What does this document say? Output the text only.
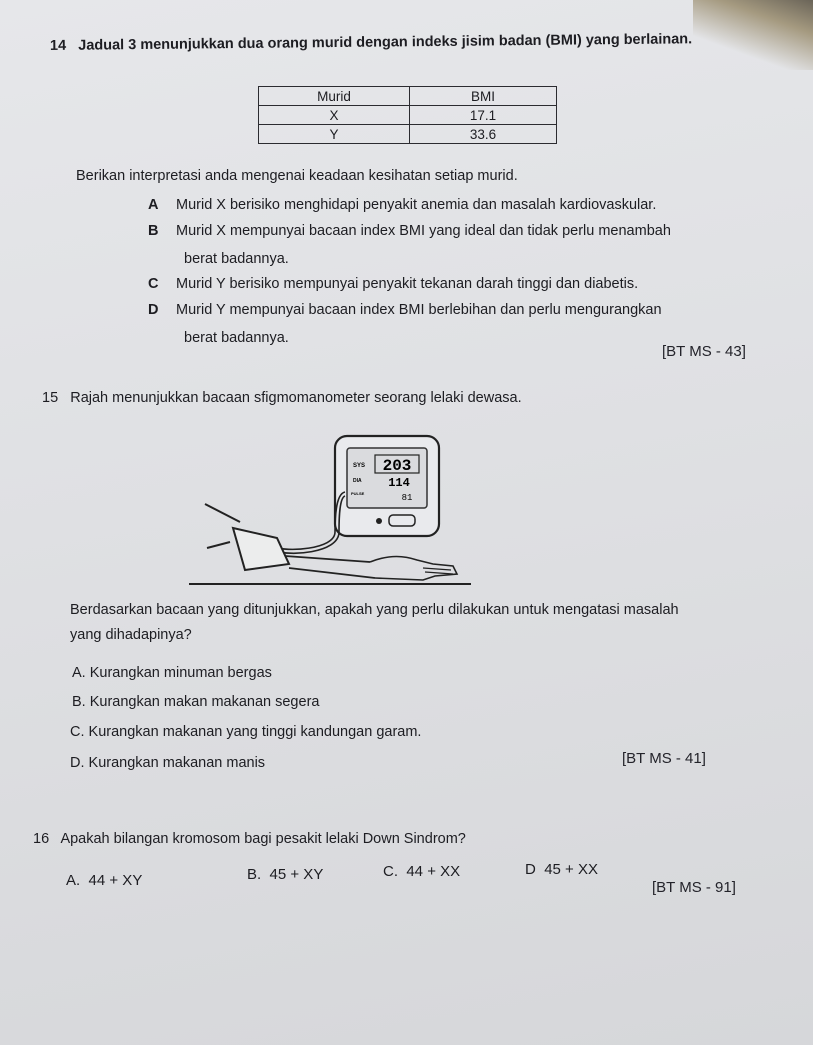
14 Jadual 3 menunjukkan dua orang murid dengan indeks jisim badan (BMI) yang berlainan.
Murid	BMI
X	17.1
Y	33.6
Berikan interpretasi anda mengenai keadaan kesihatan setiap murid.
A Murid X berisiko menghidapi penyakit anemia dan masalah kardiovaskular.
B Murid X mempunyai bacaan index BMI yang ideal dan tidak perlu menambah
berat badannya.
C Murid Y berisiko mempunyai penyakit tekanan darah tinggi dan diabetis.
D Murid Y mempunyai bacaan index BMI berlebihan dan perlu mengurangkan
berat badannya.
[BT MS - 43]
15 Rajah menunjukkan bacaan sfigmomanometer seorang lelaki dewasa.
SYS
DIA
PULSE
203
114
81
Berdasarkan bacaan yang ditunjukkan, apakah yang perlu dilakukan untuk mengatasi masalah
yang dihadapinya?
A. Kurangkan minuman bergas
B. Kurangkan makan makanan segera
C. Kurangkan makanan yang tinggi kandungan garam.
D. Kurangkan makanan manis	[BT MS - 41]
16 Apakah bilangan kromosom bagi pesakit lelaki Down Sindrom?
A. 44 + XY	B. 45 + XY	C. 44 + XX	D 45 + XX
[BT MS - 91]
